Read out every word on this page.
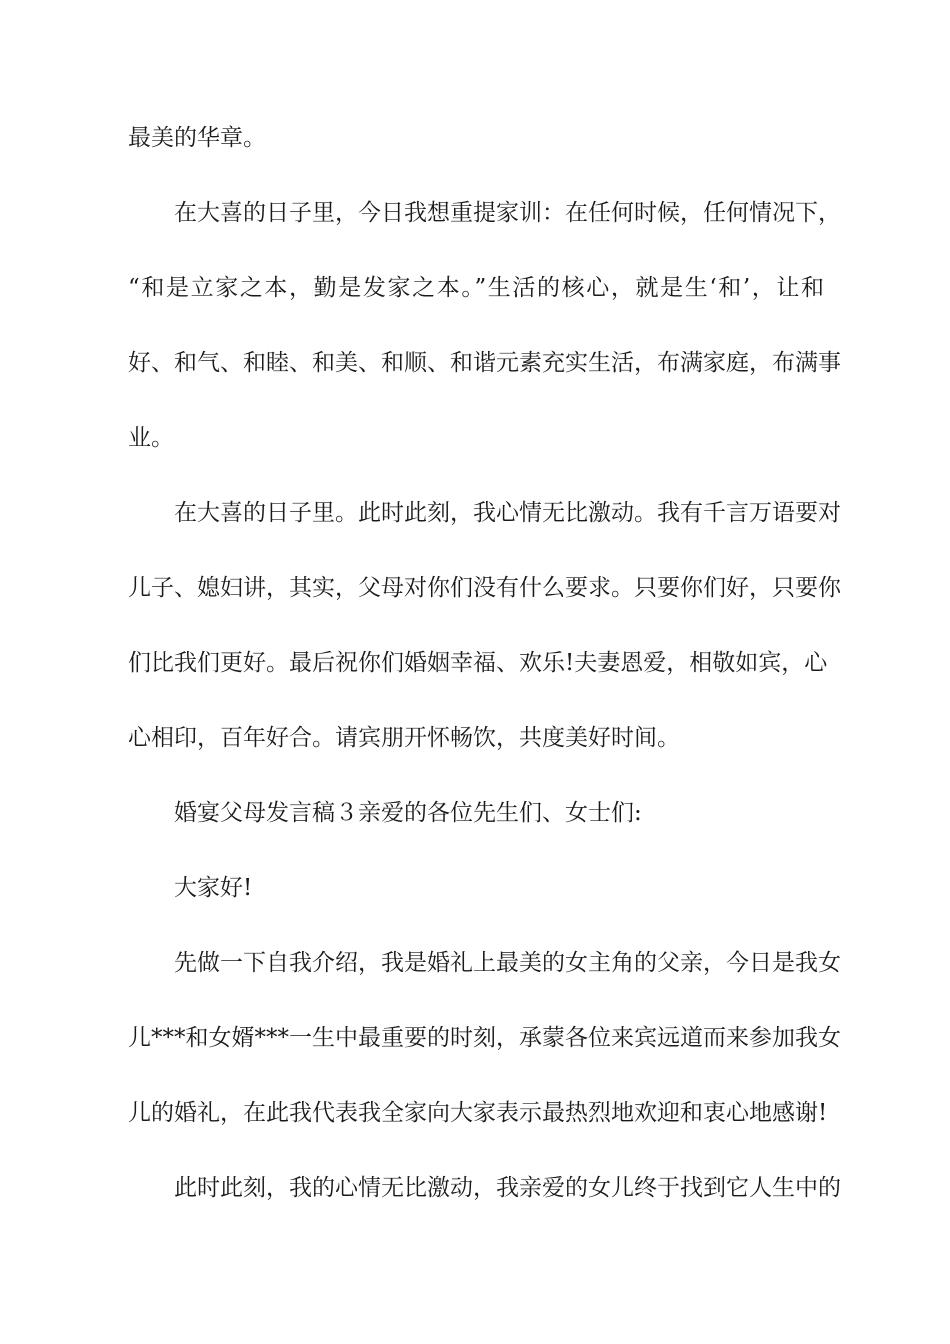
最美的华章。
在大喜的日子里，今日我想重提家训：在任何时候，任何情况下，
“和是立家之本，勤是发家之本。”生活的核心，就是生‘和’，让和
好、和气、和睦、和美、和顺、和谐元素充实生活，布满家庭，布满事
业。
在大喜的日子里。此时此刻，我心情无比激动。我有千言万语要对
儿子、媳妇讲，其实，父母对你们没有什么要求。只要你们好，只要你
们比我们更好。最后祝你们婚姻幸福、欢乐!夫妻恩爱，相敬如宾，心
心相印，百年好合。请宾朋开怀畅饮，共度美好时间。
婚宴父母发言稿３亲爱的各位先生们、女士们:
大家好!
先做一下自我介绍，我是婚礼上最美的女主角的父亲，今日是我女
儿***和女婿***一生中最重要的时刻，承蒙各位来宾远道而来参加我女
儿的婚礼，在此我代表我全家向大家表示最热烈地欢迎和衷心地感谢!
此时此刻，我的心情无比激动，我亲爱的女儿终于找到它人生中的
